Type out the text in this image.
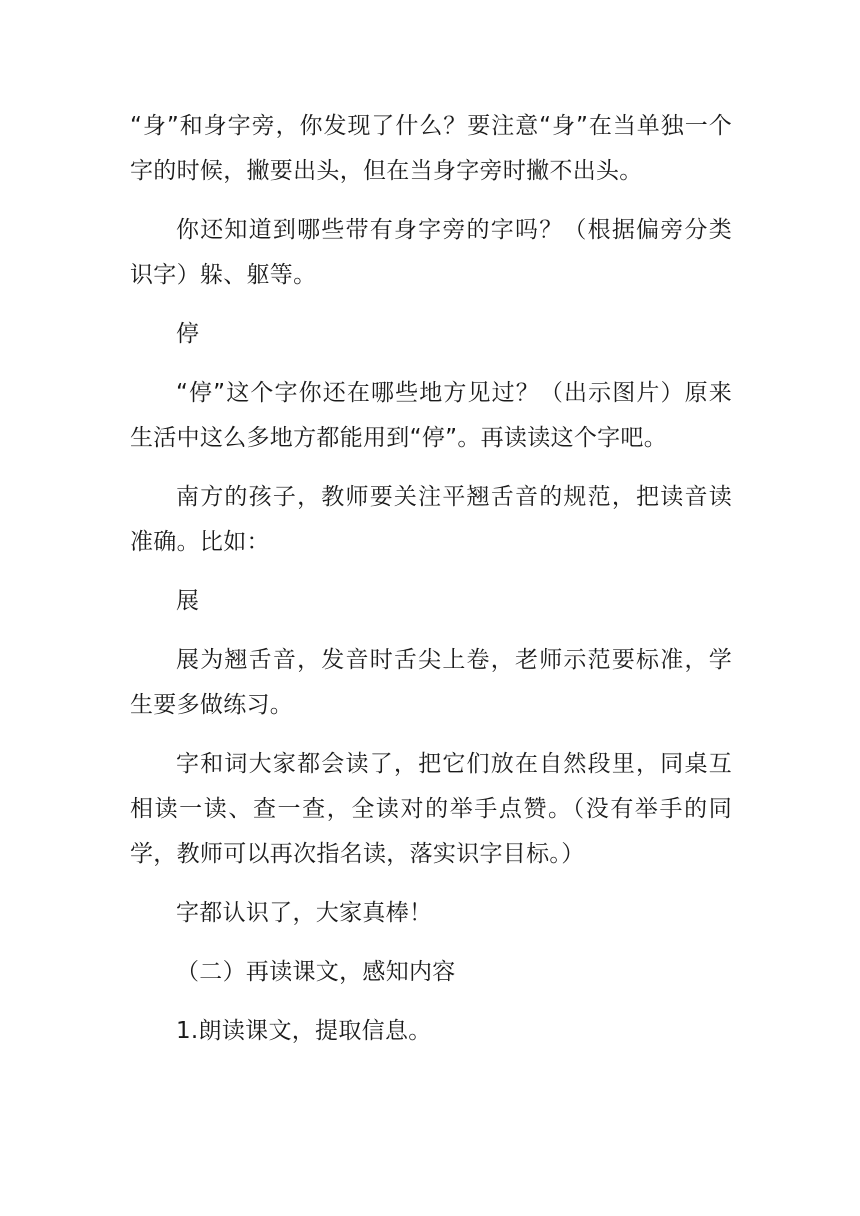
“身”和身字旁，你发现了什么？要注意“身”在当单独一个字的时候，撇要出头，但在当身字旁时撇不出头。

你还知道到哪些带有身字旁的字吗？（根据偏旁分类识字）躲、躯等。

停

“停”这个字你还在哪些地方见过？（出示图片）原来生活中这么多地方都能用到“停”。再读读这个字吧。

南方的孩子，教师要关注平翘舌音的规范，把读音读准确。比如：

展

展为翘舌音，发音时舌尖上卷，老师示范要标准，学生要多做练习。

字和词大家都会读了，把它们放在自然段里，同桌互相读一读、查一查，全读对的举手点赞。（没有举手的同学，教师可以再次指名读，落实识字目标。）

字都认识了，大家真棒！

（二）再读课文，感知内容

1.朗读课文，提取信息。
